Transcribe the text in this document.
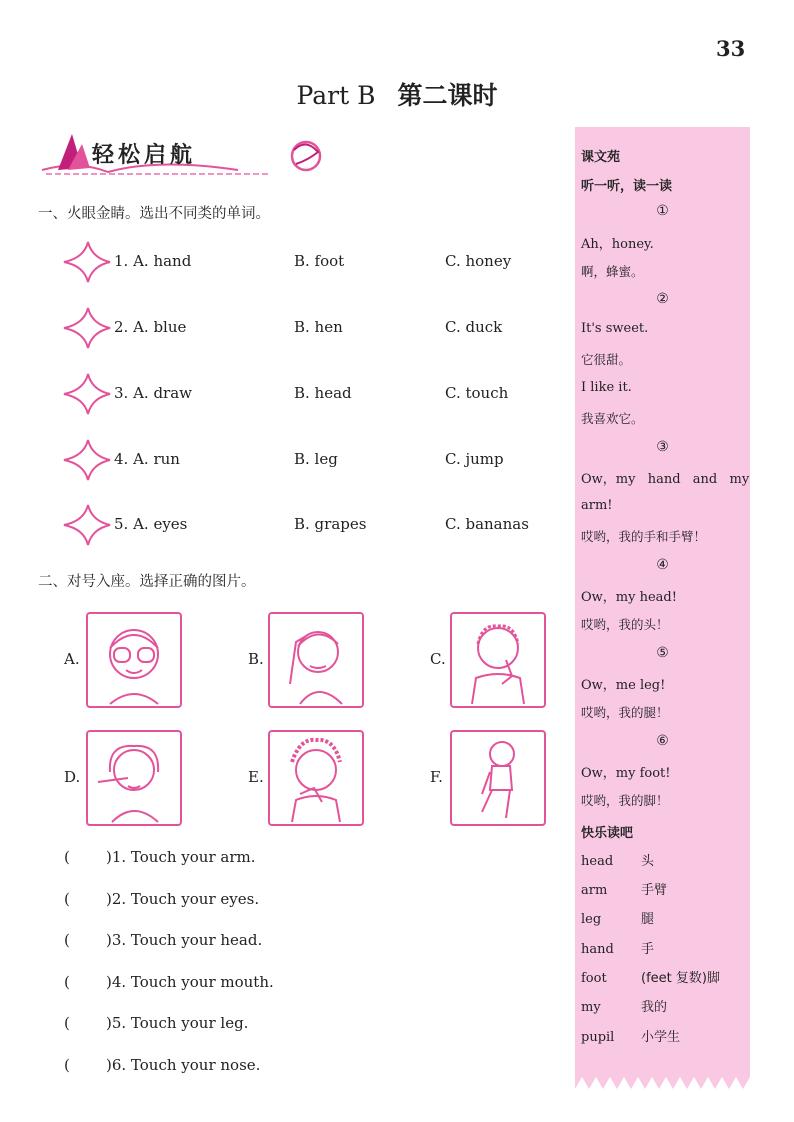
33
Part B 第二课时
轻松启航
一、火眼金睛。选出不同类的单词。
1. A. hand	B. foot	C. honey
2. A. blue	B. hen	C. duck
3. A. draw	B. head	C. touch
4. A. run	B. leg	C. jump
5. A. eyes	B. grapes	C. bananas
二、对号入座。选择正确的图片。
A.	B.	C.
D.	E.	F.
( )1. Touch your arm.
( )2. Touch your eyes.
( )3. Touch your head.
( )4. Touch your mouth.
( )5. Touch your leg.
( )6. Touch your nose.
课文苑
听一听，读一读
①
Ah，honey.
啊，蜂蜜。
②
It's sweet.
它很甜。
I like it.
我喜欢它。
③
Ow，my  hand  and  my
arm!
哎哟，我的手和手臂！
④
Ow，my head!
哎哟，我的头！
⑤
Ow，me leg!
哎哟，我的腿！
⑥
Ow，my foot!
哎哟，我的脚！
快乐读吧
head 头
arm	手臂
leg	腿
hand 手
foot	(feet 复数)脚
my	我的
pupil 小学生
